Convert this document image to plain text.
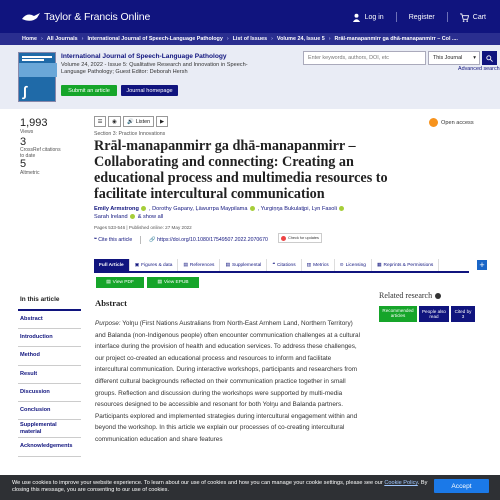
Taylor & Francis Online	Log in	Register	Cart
Home › All Journals › International Journal of Speech-Language Pathology › List of Issues › Volume 24, Issue 5 › Rrāl-manapanmirr ga dhā-manapanmirr – Col ....
∫
International Journal of Speech-Language Pathology
Volume 24, 2022 - Issue 5: Qualitative Research and Innovation in Speech-Language Pathology; Guest Editor: Deborah Hersh
Submit an article	Journal homepage
Enter keywords, authors, DOI, etc	This Journal ▾
Advanced search
1,993
Views
3
CrossRef citations to date
5
Altmetric
☰ ◉ 🔊 Listen ▶	Open access
Section 3: Practice Innovations
Rrāl-manapanmirr ga dhā-manapanmirr – Collaborating and connecting: Creating an educational process and multimedia resources to facilitate intercultural communication
Emily Armstrong , Dorothy Gapany, Ḻäwurrpa Maypilama , Yurgiṉŋa Bukulatjpi, Lyn Fasoli
Sarah Ireland  & show all
Pages 533-546 | Published online: 27 May 2022
❝ Cite this article	🔗 https://doi.org/10.1080/17549507.2022.2070670	Check for updates
Full Article ▣ Figures & data ▤ References ▤ Supplemental ❝ Citations ▥ Metrics ⊙ Licensing ▦ Reprints & Permissions	+
▤ View PDF	▤ View EPUB
In this article
Abstract
Introduction
Method
Result
Discussion
Conclusion
Supplemental material
Acknowledgements
Abstract
Purpose: Yolŋu (First Nations Australians from North-East Arnhem Land, Northern Territory) and Balanda (non-Indigenous people) often encounter communication challenges at a cultural interface during the provision of health and education services. To address these challenges, our project co-created an educational process and resources to inform and facilitate intercultural communication. During interactive workshops, participants and researchers from different cultural backgrounds reflected on their communication practice together in small groups. Reflection and discussion during the workshops were supported by multi-media resources designed to be accessible and resonant for both Yolŋu and Balanda partners. Participants explored and implemented strategies during intercultural engagement within and beyond the workshop. In this article we explain our processes of co-creating intercultural communication education and share features
Related research
Recommended articles
People also read
Cited by 3
We use cookies to improve your website experience. To learn about our use of cookies and how you can manage your cookie settings, please see our Cookie Policy. By closing this message, you are consenting to our use of cookies.
Accept
